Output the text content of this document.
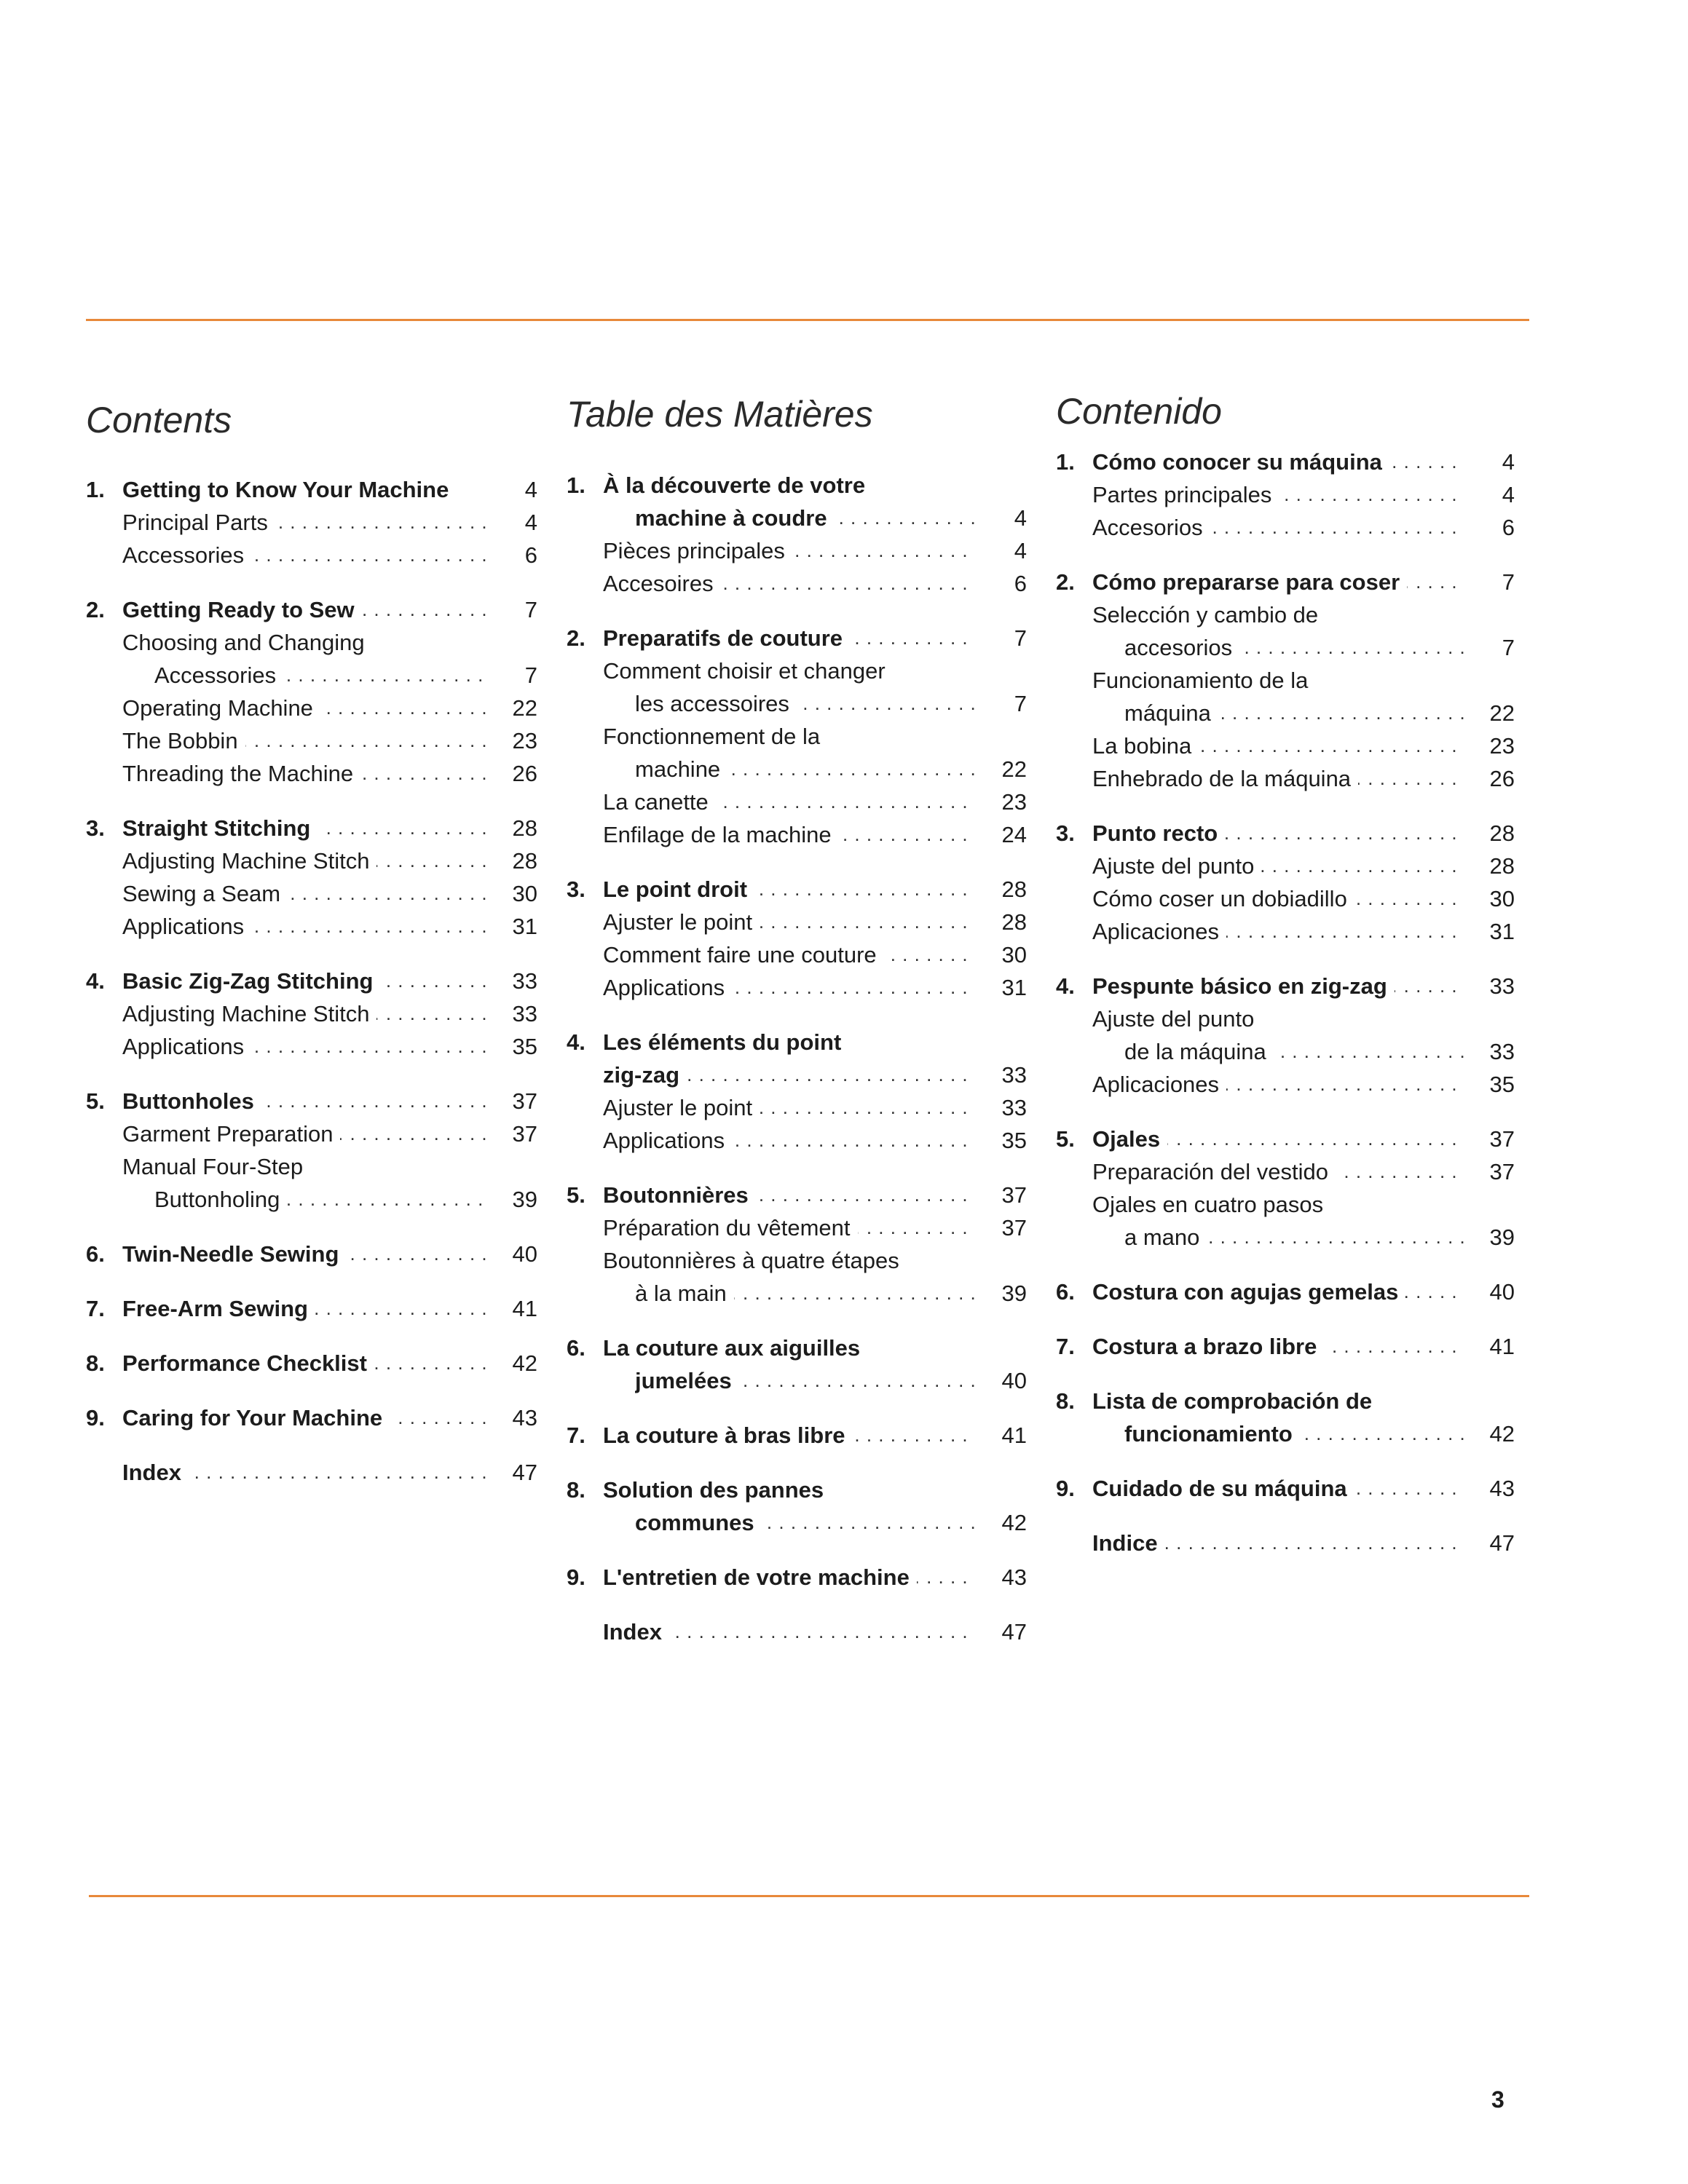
Contents
1. Getting to Know Your Machine	4
Principal Parts . . .	4
Accessories . . .	6
2. Getting Ready to Sew . . .	7
Choosing and Changing
Accessories . . .	7
Operating Machine . . .	22
The Bobbin . . .	23
Threading the Machine . . .	26
3. Straight Stitching . . .	28
Adjusting Machine Stitch . . .	28
Sewing a Seam . . .	30
Applications . . .	31
4. Basic Zig-Zag Stitching . . .	33
Adjusting Machine Stitch . . .	33
Applications . . .	35
5. Buttonholes . . .	37
Garment Preparation . . .	37
Manual Four-Step
Buttonholing . . .	39
6. Twin-Needle Sewing . . .	40
7. Free-Arm Sewing . . .	41
8. Performance Checklist . . .	42
9. Caring for Your Machine . . .	43
Index . . .	47
Table des Matières
1. À la découverte de votre
machine à coudre . . .	4
Pièces principales . . .	4
Accesoires . . .	6
2. Preparatifs de couture . . .	7
Comment choisir et changer
les accessoires . . .	7
Fonctionnement de la
machine . . .	22
La canette . . .	23
Enfilage de la machine . . .	24
3. Le point droit . . .	28
Ajuster le point . . .	28
Comment faire une couture . . .	30
Applications . . .	31
4. Les éléments du point
zig-zag . . .	33
Ajuster le point . . .	33
Applications . . .	35
5. Boutonnières . . .	37
Préparation du vêtement . . .	37
Boutonnières à quatre étapes
à la main . . .	39
6. La couture aux aiguilles
jumelées . . .	40
7. La couture à bras libre . . .	41
8. Solution des pannes
communes . . .	42
9. L'entretien de votre machine . . .	43
Index . . .	47
Contenido
1. Cómo conocer su máquina . . .	4
Partes principales . . .	4
Accesorios . . .	6
2. Cómo prepararse para coser . . .	7
Selección y cambio de
accesorios . . .	7
Funcionamiento de la
máquina . . .	22
La bobina . . .	23
Enhebrado de la máquina . . .	26
3. Punto recto . . .	28
Ajuste del punto . . .	28
Cómo coser un dobiadillo . . .	30
Aplicaciones . . .	31
4. Pespunte básico en zig-zag . . .	33
Ajuste del punto
de la máquina . . .	33
Aplicaciones . . .	35
5. Ojales . . .	37
Preparación del vestido . . .	37
Ojales en cuatro pasos
a mano . . .	39
6. Costura con agujas gemelas . . .	40
7. Costura a brazo libre . . .	41
8. Lista de comprobación de
funcionamiento . . .	42
9. Cuidado de su máquina . . .	43
Indice . . .	47
3
